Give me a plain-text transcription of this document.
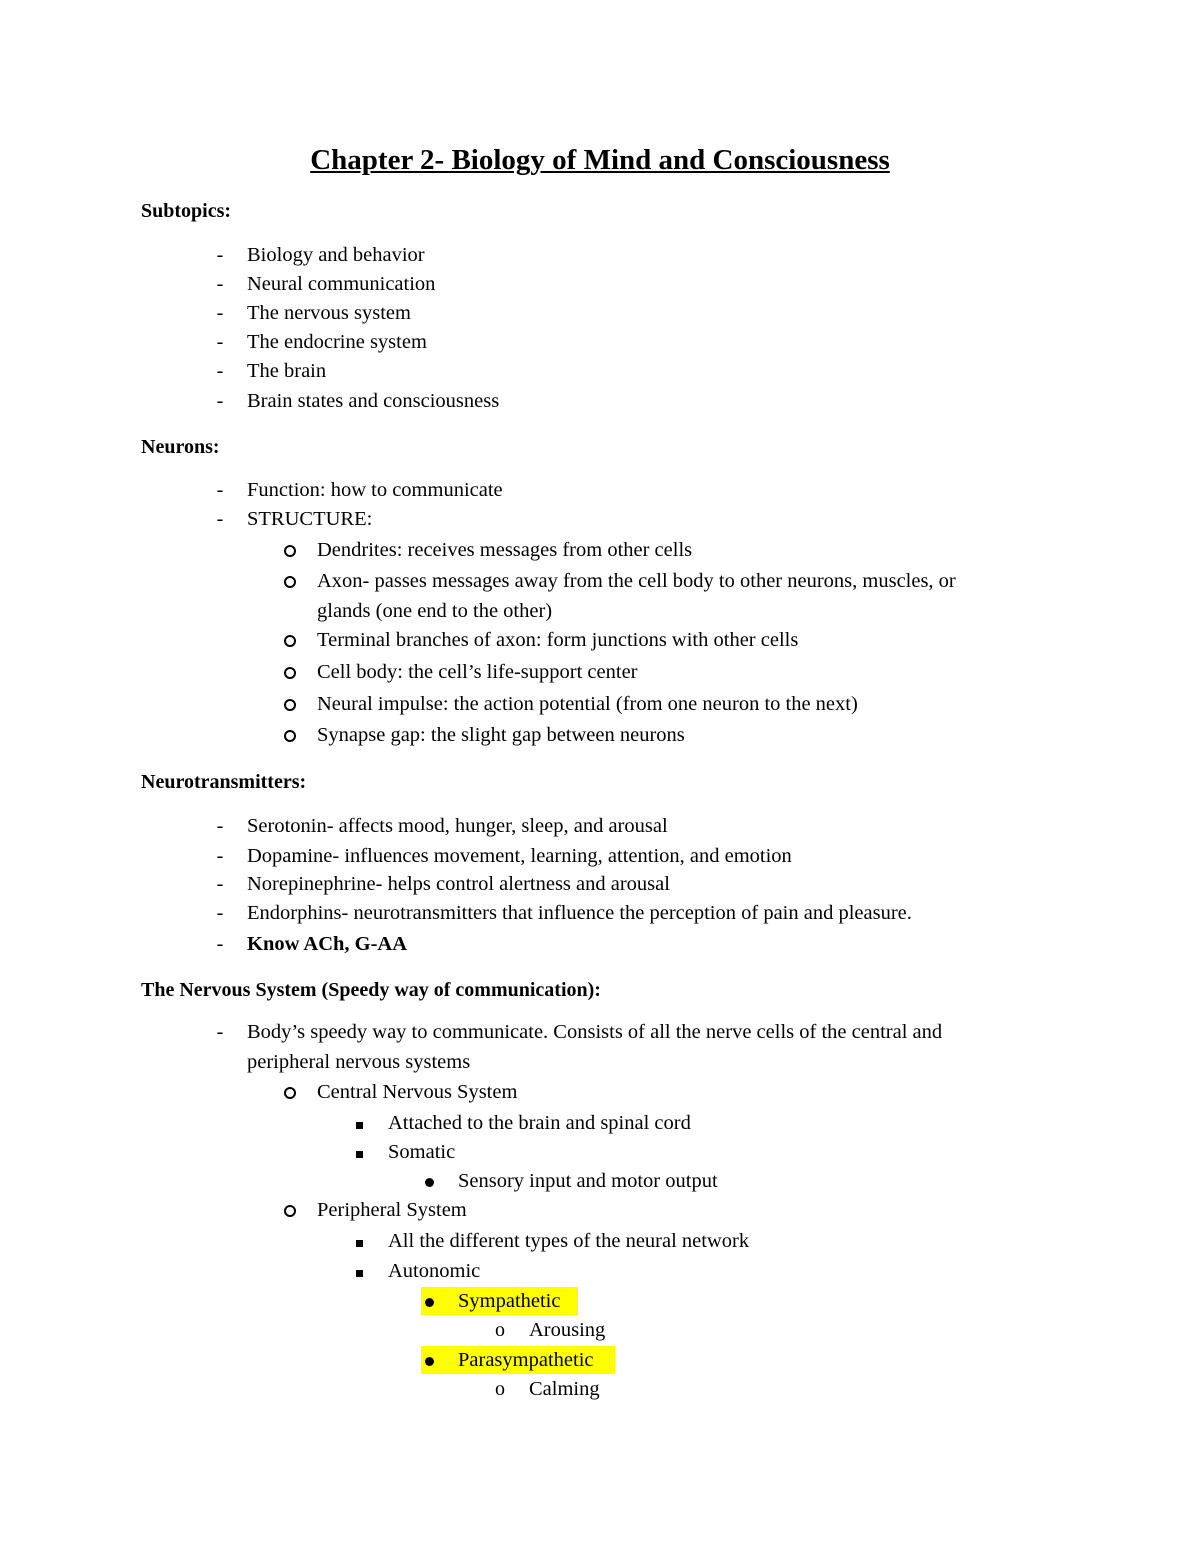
Chapter 2- Biology of Mind and Consciousness
Subtopics:
-	Biology and behavior
-	Neural communication
-	The nervous system
-	The endocrine system
-	The brain
-	Brain states and consciousness
Neurons:
-	Function: how to communicate
-	STRUCTURE:
Dendrites: receives messages from other cells
Axon- passes messages away from the cell body to other neurons, muscles, or
glands (one end to the other)
Terminal branches of axon: form junctions with other cells
Cell body: the cell’s life-support center
Neural impulse: the action potential (from one neuron to the next)
Synapse gap: the slight gap between neurons
Neurotransmitters:
-	Serotonin- affects mood, hunger, sleep, and arousal
-	Dopamine- influences movement, learning, attention, and emotion
-	Norepinephrine- helps control alertness and arousal
-	Endorphins- neurotransmitters that influence the perception of pain and pleasure.
-	Know ACh, G-AA
The Nervous System (Speedy way of communication):
-	Body’s speedy way to communicate. Consists of all the nerve cells of the central and
peripheral nervous systems
Central Nervous System
Attached to the brain and spinal cord
Somatic
Sensory input and motor output
Peripheral System
All the different types of the neural network
Autonomic
Sympathetic
o Arousing
Parasympathetic
o Calming
